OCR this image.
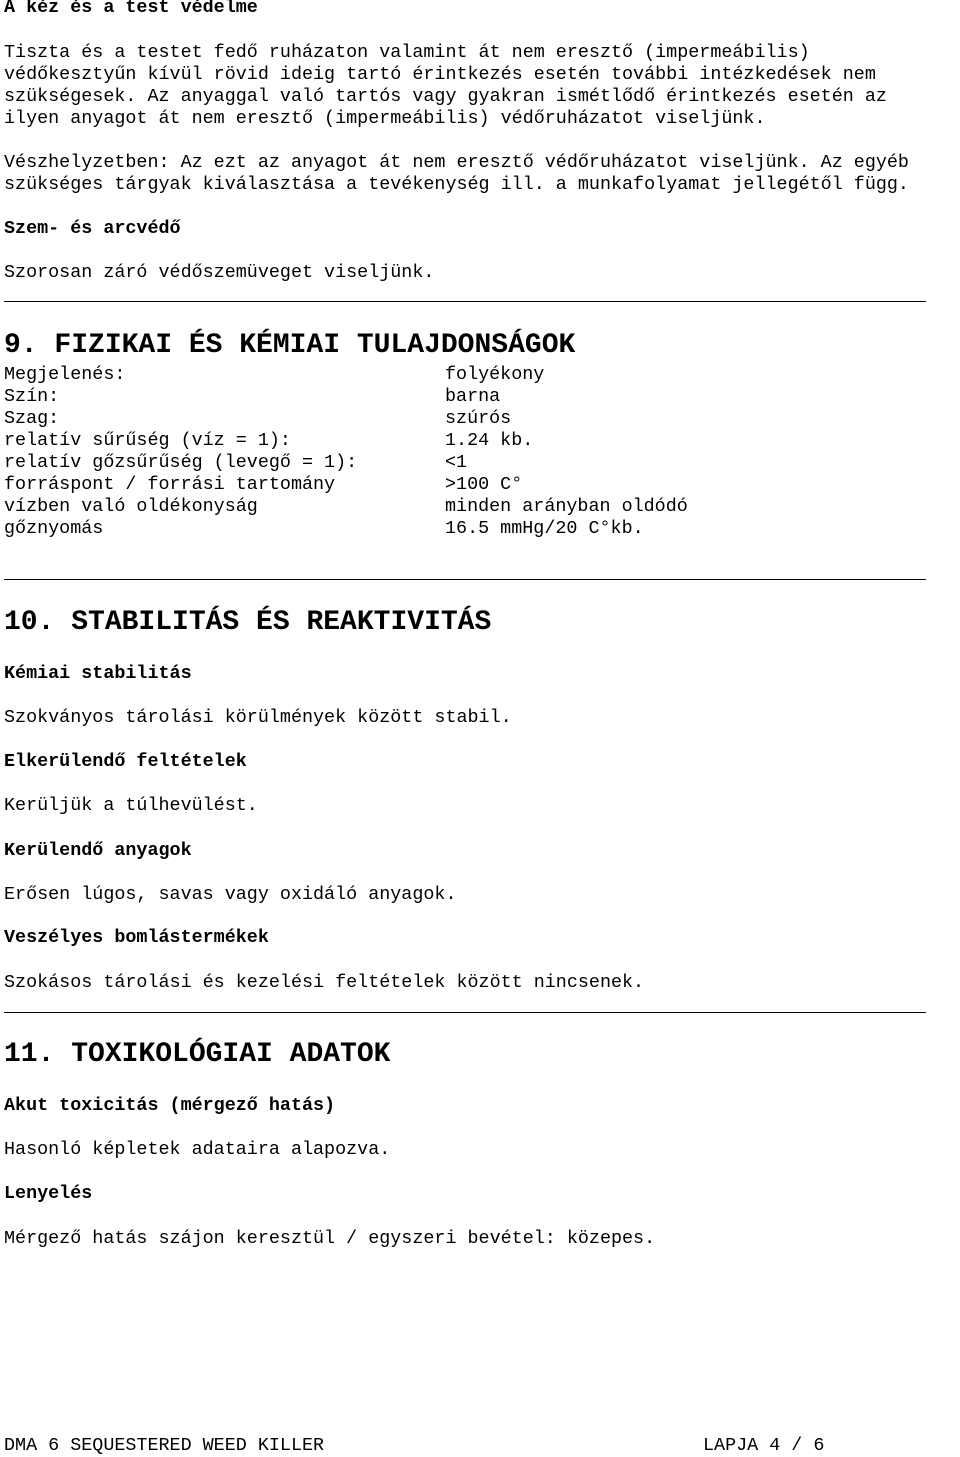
A kéz és a test védelme
Tiszta és a testet fedő ruházaton valamint át nem eresztő (impermeábilis)
védőkesztyűn kívül rövid ideig tartó érintkezés esetén további intézkedések nem
szükségesek. Az anyaggal való tartós vagy gyakran ismétlődő érintkezés esetén az
ilyen anyagot át nem eresztő (impermeábilis) védőruházatot viseljünk.
Vészhelyzetben: Az ezt az anyagot át nem eresztő védőruházatot viseljünk. Az egyéb
szükséges tárgyak kiválasztása a tevékenység ill. a munkafolyamat jellegétől függ.
Szem- és arcvédő
Szorosan záró védőszemüveget viseljünk.
9. FIZIKAI ÉS KÉMIAI TULAJDONSÁGOK
Megjelenés:	folyékony
Szín:	barna
Szag:	szúrós
relatív sűrűség (víz = 1):	1.24 kb.
relatív gőzsűrűség (levegő = 1):	<1
forráspont / forrási tartomány	>100 C°
vízben való oldékonyság	minden arányban oldódó
gőznyomás	16.5 mmHg/20 C°kb.
10. STABILITÁS ÉS REAKTIVITÁS
Kémiai stabilitás
Szokványos tárolási körülmények között stabil.
Elkerülendő feltételek
Kerüljük a túlhevülést.
Kerülendő anyagok
Erősen lúgos, savas vagy oxidáló anyagok.
Veszélyes bomlástermékek
Szokásos tárolási és kezelési feltételek között nincsenek.
11. TOXIKOLÓGIAI ADATOK
Akut toxicitás (mérgező hatás)
Hasonló képletek adataira alapozva.
Lenyelés
Mérgező hatás szájon keresztül / egyszeri bevétel: közepes.
DMA 6 SEQUESTERED WEED KILLER	LAPJA 4 / 6
